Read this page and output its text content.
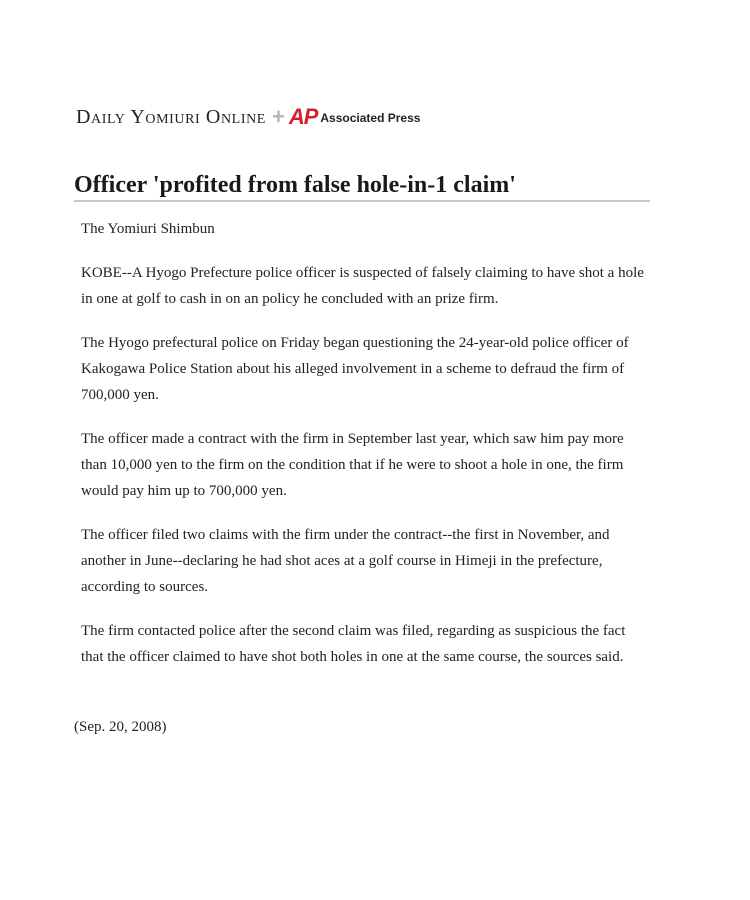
Daily Yomiuri Online + AP Associated Press
Officer 'profited from false hole-in-1 claim'

The Yomiuri Shimbun

KOBE--A Hyogo Prefecture police officer is suspected of falsely claiming to have shot a hole in one at golf to cash in on an policy he concluded with an prize firm.

The Hyogo prefectural police on Friday began questioning the 24-year-old police officer of Kakogawa Police Station about his alleged involvement in a scheme to defraud the firm of 700,000 yen.

The officer made a contract with the firm in September last year, which saw him pay more than 10,000 yen to the firm on the condition that if he were to shoot a hole in one, the firm would pay him up to 700,000 yen.

The officer filed two claims with the firm under the contract--the first in November, and another in June--declaring he had shot aces at a golf course in Himeji in the prefecture, according to sources.

The firm contacted police after the second claim was filed, regarding as suspicious the fact that the officer claimed to have shot both holes in one at the same course, the sources said.

(Sep. 20, 2008)
